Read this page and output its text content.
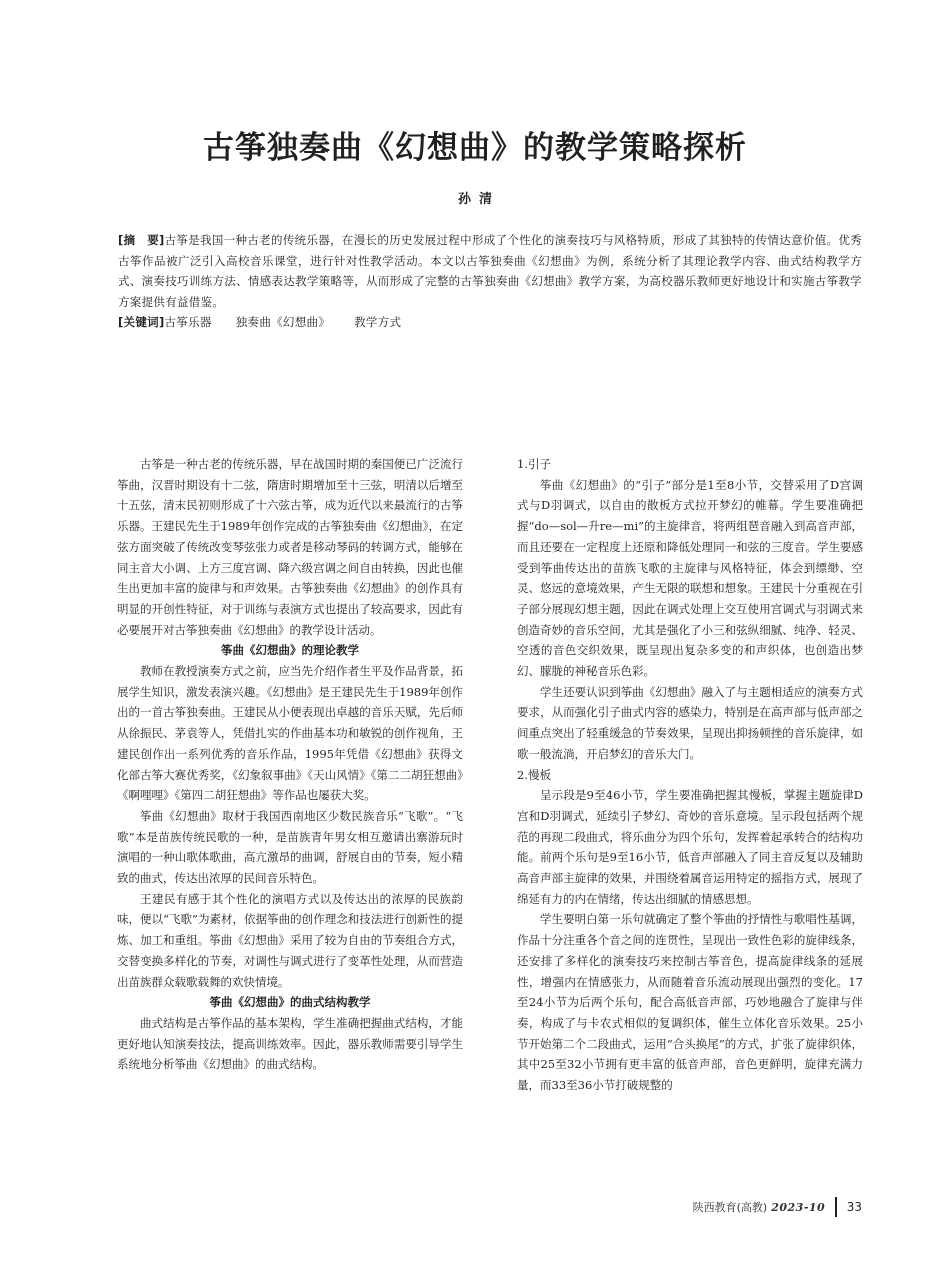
古筝独奏曲《幻想曲》的教学策略探析
孙清

[摘　要]古筝是我国一种古老的传统乐器，在漫长的历史发展过程中形成了个性化的演奏技巧与风格特质，形成了其独特的传情达意价值。优秀古筝作品被广泛引入高校音乐课堂，进行针对性教学活动。本文以古筝独奏曲《幻想曲》为例，系统分析了其理论教学内容、曲式结构教学方式、演奏技巧训练方法、情感表达教学策略等，从而形成了完整的古筝独奏曲《幻想曲》教学方案，为高校器乐教师更好地设计和实施古筝教学方案提供有益借鉴。

[关键词]古筝乐器 独奏曲《幻想曲》 教学方式

古筝是一种古老的传统乐器，早在战国时期的秦国便已广泛流行筝曲，汉晋时期设有十二弦，隋唐时期增加至十三弦，明清以后增至十五弦，清末民初则形成了十六弦古筝，成为近代以来最流行的古筝乐器。王建民先生于1989年创作完成的古筝独奏曲《幻想曲》，在定弦方面突破了传统改变琴弦张力或者是移动琴码的转调方式，能够在同主音大小调、上方三度宫调、降六级宫调之间自由转换，因此也催生出更加丰富的旋律与和声效果。古筝独奏曲《幻想曲》的创作具有明显的开创性特征，对于训练与表演方式也提出了较高要求，因此有必要展开对古筝独奏曲《幻想曲》的教学设计活动。

筝曲《幻想曲》的理论教学

教师在教授演奏方式之前，应当先介绍作者生平及作品背景，拓展学生知识，激发表演兴趣。《幻想曲》是王建民先生于1989年创作出的一首古筝独奏曲。王建民从小便表现出卓越的音乐天赋，先后师从徐振民、茅袁等人，凭借扎实的作曲基本功和敏锐的创作视角，王建民创作出一系列优秀的音乐作品，1995年凭借《幻想曲》获得文化部古筝大赛优秀奖，《幻象叙事曲》《天山风情》《第二二胡狂想曲》《啊哩哩》《第四二胡狂想曲》等作品也屡获大奖。

筝曲《幻想曲》取材于我国西南地区少数民族音乐“飞歌”。“飞歌”本是苗族传统民歌的一种，是苗族青年男女相互邀请出寨游玩时演唱的一种山歌体歌曲，高亢激昂的曲调，舒展自由的节奏，短小精致的曲式，传达出浓厚的民间音乐特色。

王建民有感于其个性化的演唱方式以及传达出的浓厚的民族韵味，便以“飞歌”为素材，依据筝曲的创作理念和技法进行创新性的提炼、加工和重组。筝曲《幻想曲》采用了较为自由的节奏组合方式，交替变换多样化的节奏，对调性与调式进行了变革性处理，从而营造出苗族群众载歌载舞的欢快情境。

筝曲《幻想曲》的曲式结构教学

曲式结构是古筝作品的基本架构，学生准确把握曲式结构，才能更好地认知演奏技法，提高训练效率。因此，器乐教师需要引导学生系统地分析筝曲《幻想曲》的曲式结构。

1.引子

筝曲《幻想曲》的“引子”部分是1至8小节，交替采用了D宫调式与D羽调式，以自由的散板方式拉开梦幻的帷幕。学生要准确把握“do—sol—升re—mi”的主旋律音，将两组琶音融入到高音声部，而且还要在一定程度上还原和降低处理同一和弦的三度音。学生要感受到筝曲传达出的苗族飞歌的主旋律与风格特征，体会到缥缈、空灵、悠远的意境效果，产生无限的联想和想象。王建民十分重视在引子部分展现幻想主题，因此在调式处理上交互使用宫调式与羽调式来创造奇妙的音乐空间，尤其是强化了小三和弦纵细腻、纯净、轻灵、空透的音色交织效果，既呈现出复杂多变的和声织体，也创造出梦幻、朦胧的神秘音乐色彩。

学生还要认识到筝曲《幻想曲》融入了与主题相适应的演奏方式要求，从而强化引子曲式内容的感染力，特别是在高声部与低声部之间重点突出了轻重缓急的节奏效果，呈现出抑扬顿挫的音乐旋律，如歌一般流淌，开启梦幻的音乐大门。

2.慢板

呈示段是9至46小节，学生要准确把握其慢板，掌握主题旋律D宫和D羽调式，延续引子梦幻、奇妙的音乐意境。呈示段包括两个规范的再现二段曲式，将乐曲分为四个乐句，发挥着起承转合的结构功能。前两个乐句是9至16小节，低音声部融入了同主音反复以及辅助高音声部主旋律的效果，并围绕着属音运用特定的摇指方式，展现了绵延有力的内在情绪，传达出细腻的情感思想。

学生要明白第一乐句就确定了整个筝曲的抒情性与歌唱性基调，作品十分注重各个音之间的连贯性，呈现出一致性色彩的旋律线条，还安排了多样化的演奏技巧来控制古筝音色，提高旋律线条的延展性，增强内在情感张力，从而随着音乐流动展现出强烈的变化。17至24小节为后两个乐句，配合高低音声部，巧妙地融合了旋律与伴奏，构成了与卡农式相似的复调织体，催生立体化音乐效果。25小节开始第二个二段曲式，运用“合头换尾”的方式，扩张了旋律织体，其中25至32小节拥有更丰富的低音声部，音色更鲜明，旋律充满力量，而33至36小节打破规整的

陕西教育(高教) 2023-10 33
